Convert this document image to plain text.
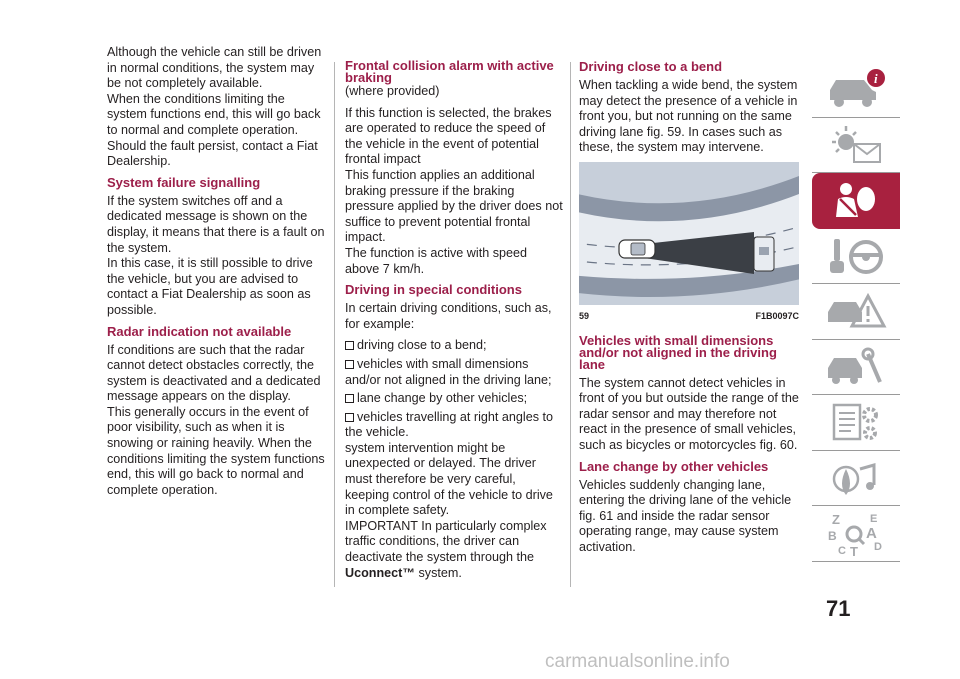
Although the vehicle can still be driven in normal conditions, the system may be not completely available.

When the conditions limiting the system functions end, this will go back to normal and complete operation. Should the fault persist, contact a Fiat Dealership.

System failure signalling

If the system switches off and a dedicated message is shown on the display, it means that there is a fault on the system.

In this case, it is still possible to drive the vehicle, but you are advised to contact a Fiat Dealership as soon as possible.

Radar indication not available

If conditions are such that the radar cannot detect obstacles correctly, the system is deactivated and a dedicated message appears on the display.

This generally occurs in the event of poor visibility, such as when it is snowing or raining heavily. When the conditions limiting the system functions end, this will go back to normal and complete operation.

Frontal collision alarm with active braking

(where provided)

If this function is selected, the brakes are operated to reduce the speed of the vehicle in the event of potential frontal impact

This function applies an additional braking pressure if the braking pressure applied by the driver does not suffice to prevent potential frontal impact.

The function is active with speed above 7 km/h.

Driving in special conditions

In certain driving conditions, such as, for example:

driving close to a bend;
vehicles with small dimensions and/or not aligned in the driving lane;
lane change by other vehicles;
vehicles travelling at right angles to the vehicle.

system intervention might be unexpected or delayed. The driver must therefore be very careful, keeping control of the vehicle to drive in complete safety.

IMPORTANT In particularly complex traffic conditions, the driver can deactivate the system through the Uconnect™ system.

Driving close to a bend

When tackling a wide bend, the system may detect the presence of a vehicle in front you, but not running on the same driving lane fig. 59. In cases such as these, the system may intervene.

59	F1B0097C
Vehicles with small dimensions and/or not aligned in the driving lane

The system cannot detect vehicles in front of you but outside the range of the radar sensor and may therefore not react in the presence of small vehicles, such as bicycles or motorcycles fig. 60.

Lane change by other vehicles

Vehicles suddenly changing lane, entering the driving lane of the vehicle fig. 61 and inside the radar sensor operating range, may cause system activation.

i
Z	E
B A
C T D
71
carmanualsonline.info
